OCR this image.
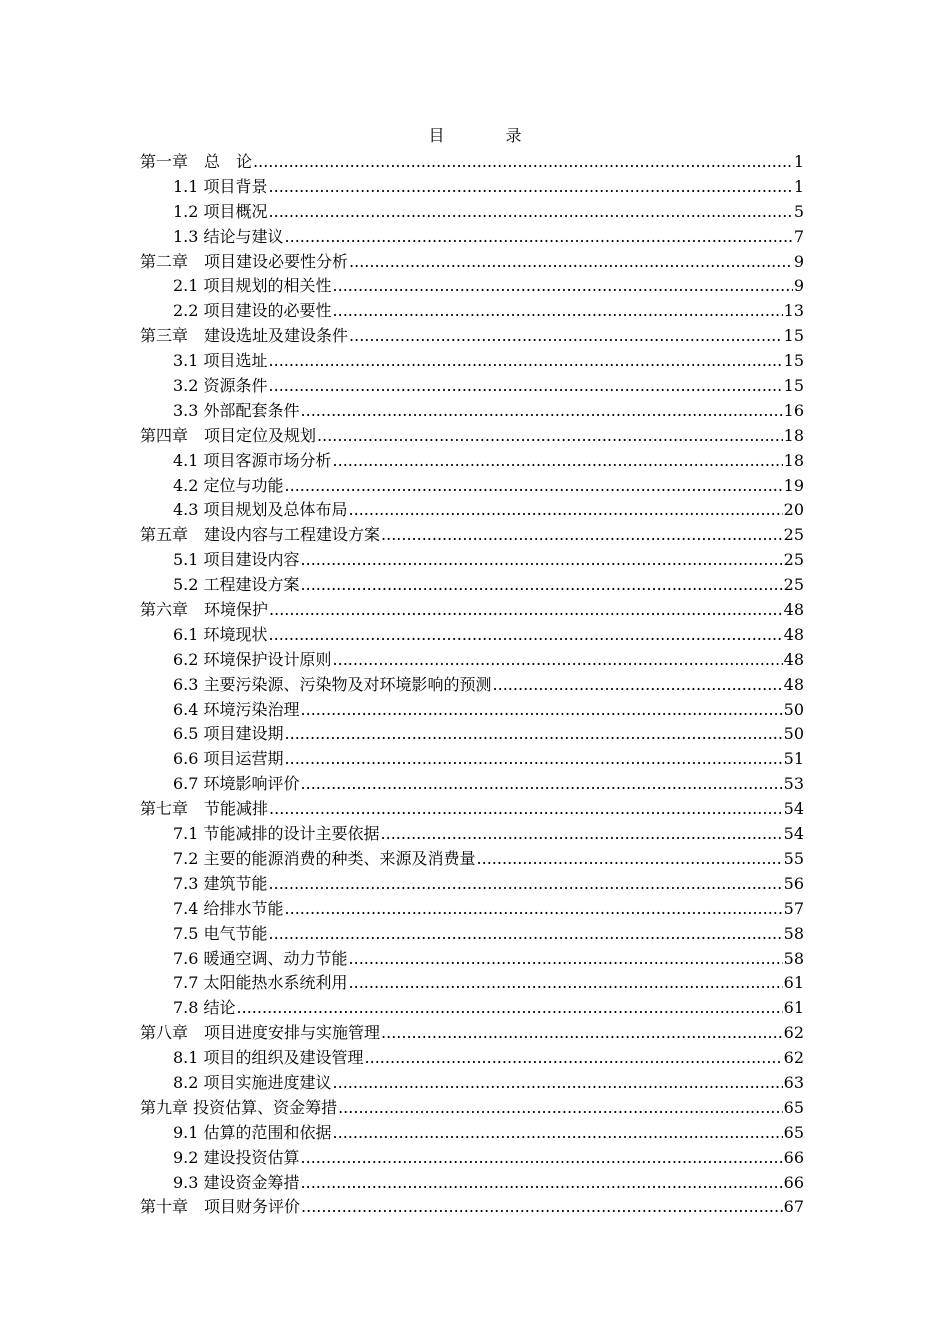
目 录
第一章　总　论 .....	1
1.1 项目背景 .....	1
1.2 项目概况 .....	5
1.3 结论与建议 .....	7
第二章　项目建设必要性分析 .....	9
2.1 项目规划的相关性 .....	9
2.2 项目建设的必要性 .....	13
第三章　建设选址及建设条件 .....	15
3.1 项目选址 .....	15
3.2 资源条件 .....	15
3.3 外部配套条件 .....	16
第四章　项目定位及规划 .....	18
4.1 项目客源市场分析 .....	18
4.2 定位与功能 .....	19
4.3 项目规划及总体布局 .....	20
第五章　建设内容与工程建设方案 .....	25
5.1 项目建设内容 .....	25
5.2 工程建设方案 .....	25
第六章　环境保护 .....	48
6.1 环境现状 .....	48
6.2 环境保护设计原则 .....	48
6.3 主要污染源、污染物及对环境影响的预测 .....	48
6.4 环境污染治理 .....	50
6.5 项目建设期 .....	50
6.6 项目运营期 .....	51
6.7 环境影响评价 .....	53
第七章　节能减排 .....	54
7.1 节能减排的设计主要依据 .....	54
7.2 主要的能源消费的种类、来源及消费量 .....	55
7.3 建筑节能 .....	56
7.4 给排水节能 .....	57
7.5 电气节能 .....	58
7.6 暖通空调、动力节能 .....	58
7.7 太阳能热水系统利用 .....	61
7.8 结论 .....	61
第八章　项目进度安排与实施管理 .....	62
8.1 项目的组织及建设管理 .....	62
8.2 项目实施进度建议 .....	63
第九章 投资估算、资金筹措 .....	65
9.1 估算的范围和依据 .....	65
9.2 建设投资估算 .....	66
9.3 建设资金筹措 .....	66
第十章　项目财务评价 .....	67
